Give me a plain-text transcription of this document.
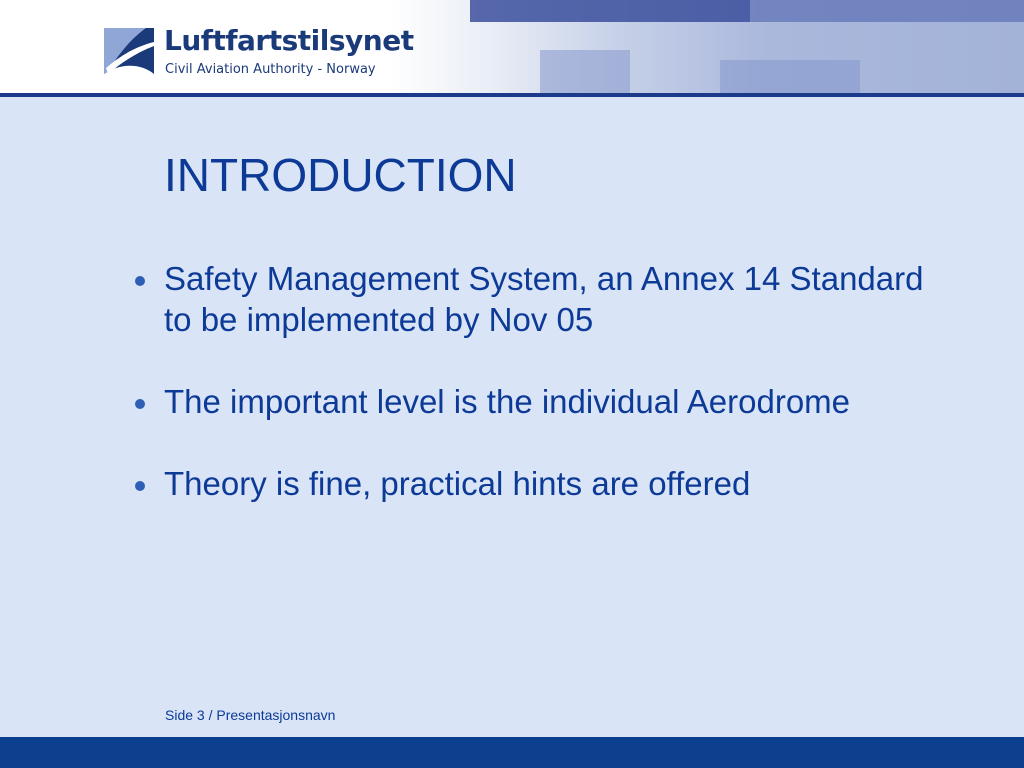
Luftfartstilsynet
Civil Aviation Authority - Norway
INTRODUCTION
Safety Management System, an Annex 14 Standard to be implemented by Nov 05
The important level is the individual Aerodrome
Theory is fine, practical hints are offered
Side 3 / Presentasjonsnavn
